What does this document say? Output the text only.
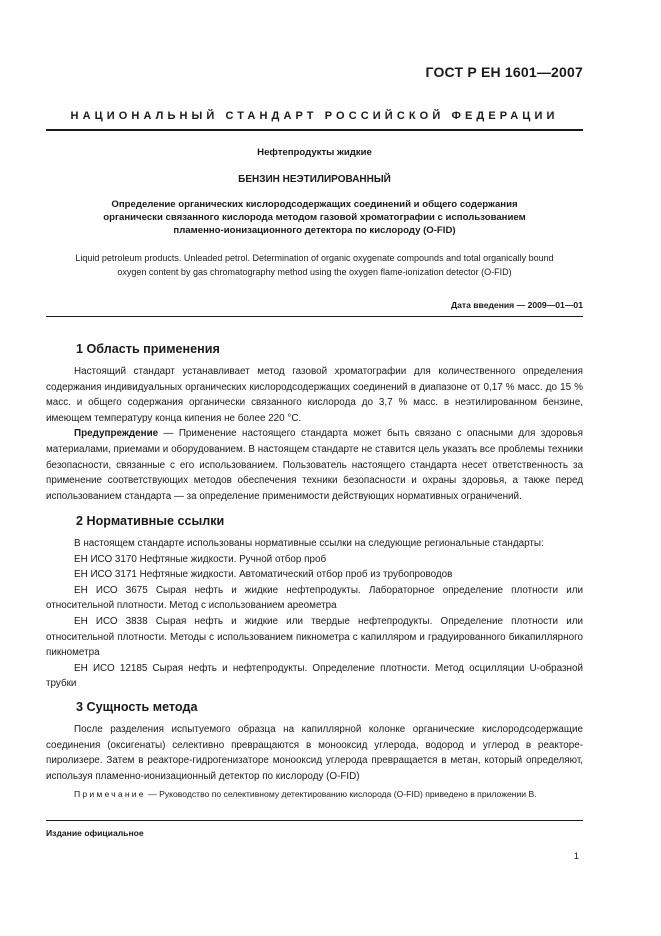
ГОСТ Р ЕН 1601—2007
НАЦИОНАЛЬНЫЙ СТАНДАРТ РОССИЙСКОЙ ФЕДЕРАЦИИ
Нефтепродукты жидкие
БЕНЗИН НЕЭТИЛИРОВАННЫЙ
Определение органических кислородсодержащих соединений и общего содержания
органически связанного кислорода методом газовой хроматографии с использованием
пламенно-ионизационного детектора по кислороду (O-FID)
Liquid petroleum products. Unleaded petrol. Determination of organic oxygenate compounds and total organically bound
oxygen content by gas chromatography method using the oxygen flame-ionization detector (O-FID)
Дата введения — 2009—01—01

1 Область применения

Настоящий стандарт устанавливает метод газовой хроматографии для количественного определения содержания индивидуальных органических кислородсодержащих соединений в диапазоне от 0,17 % масс. до 15 % масс. и общего содержания органически связанного кислорода до 3,7 % масс. в неэтилированном бензине, имеющем температуру конца кипения не более 220 °C.

Предупреждение — Применение настоящего стандарта может быть связано с опасными для здоровья материалами, приемами и оборудованием. В настоящем стандарте не ставится цель указать все проблемы техники безопасности, связанные с его использованием. Пользователь настоящего стандарта несет ответственность за применение соответствующих методов обеспечения техники безопасности и охраны здоровья, а также перед использованием стандарта — за определение применимости действующих нормативных ограничений.

2 Нормативные ссылки

В настоящем стандарте использованы нормативные ссылки на следующие региональные стандарты:

ЕН ИСО 3170 Нефтяные жидкости. Ручной отбор проб

ЕН ИСО 3171 Нефтяные жидкости. Автоматический отбор проб из трубопроводов

ЕН ИСО 3675 Сырая нефть и жидкие нефтепродукты. Лабораторное определение плотности или относительной плотности. Метод с использованием ареометра

ЕН ИСО 3838 Сырая нефть и жидкие или твердые нефтепродукты. Определение плотности или относительной плотности. Методы с использованием пикнометра с капилляром и градуированного бикапиллярного пикнометра

ЕН ИСО 12185 Сырая нефть и нефтепродукты. Определение плотности. Метод осцилляции U-образной трубки

3 Сущность метода

После разделения испытуемого образца на капиллярной колонке органические кислородсодержащие соединения (оксигенаты) селективно превращаются в монооксид углерода, водород и углерод в реакторе-пиролизере. Затем в реакторе-гидрогенизаторе монооксид углерода превращается в метан, который определяют, используя пламенно-ионизационный детектор по кислороду (O-FID)

Примечание — Руководство по селективному детектированию кислорода (O-FID) приведено в приложении В.

Издание официальное
1
